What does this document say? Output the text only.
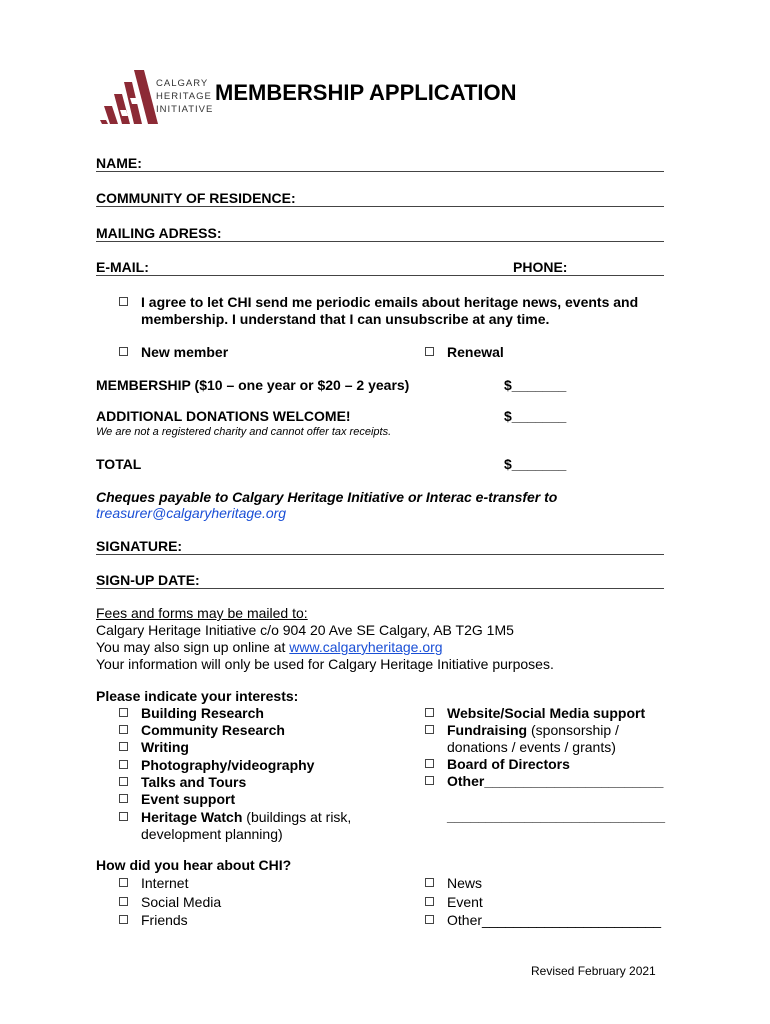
CALGARY
HERITAGE
INITIATIVE
MEMBERSHIP APPLICATION
NAME:
COMMUNITY OF RESIDENCE:
MAILING ADRESS:
E-MAIL:	PHONE:
I agree to let CHI send me periodic emails about heritage news, events and
membership. I understand that I can unsubscribe at any time.
New member	Renewal
MEMBERSHIP ($10 – one year or $20 – 2 years)	$_______
ADDITIONAL DONATIONS WELCOME!	$_______
We are not a registered charity and cannot offer tax receipts.
TOTAL	$_______
Cheques payable to Calgary Heritage Initiative or Interac e-transfer to
treasurer@calgaryheritage.org
SIGNATURE:
SIGN-UP DATE:
Fees and forms may be mailed to:
Calgary Heritage Initiative c/o 904 20 Ave SE Calgary, AB T2G 1M5
You may also sign up online at www.calgaryheritage.org
Your information will only be used for Calgary Heritage Initiative purposes.
Please indicate your interests:
Building Research
Community Research
Writing
Photography/videography
Talks and Tours
Event support
Heritage Watch (buildings at risk,
development planning)
Website/Social Media support
Fundraising (sponsorship /
donations / events / grants)
Board of Directors
Other_______________________
____________________________
How did you hear about CHI?
Internet
Social Media
Friends
News
Event
Other_______________________
Revised February 2021
